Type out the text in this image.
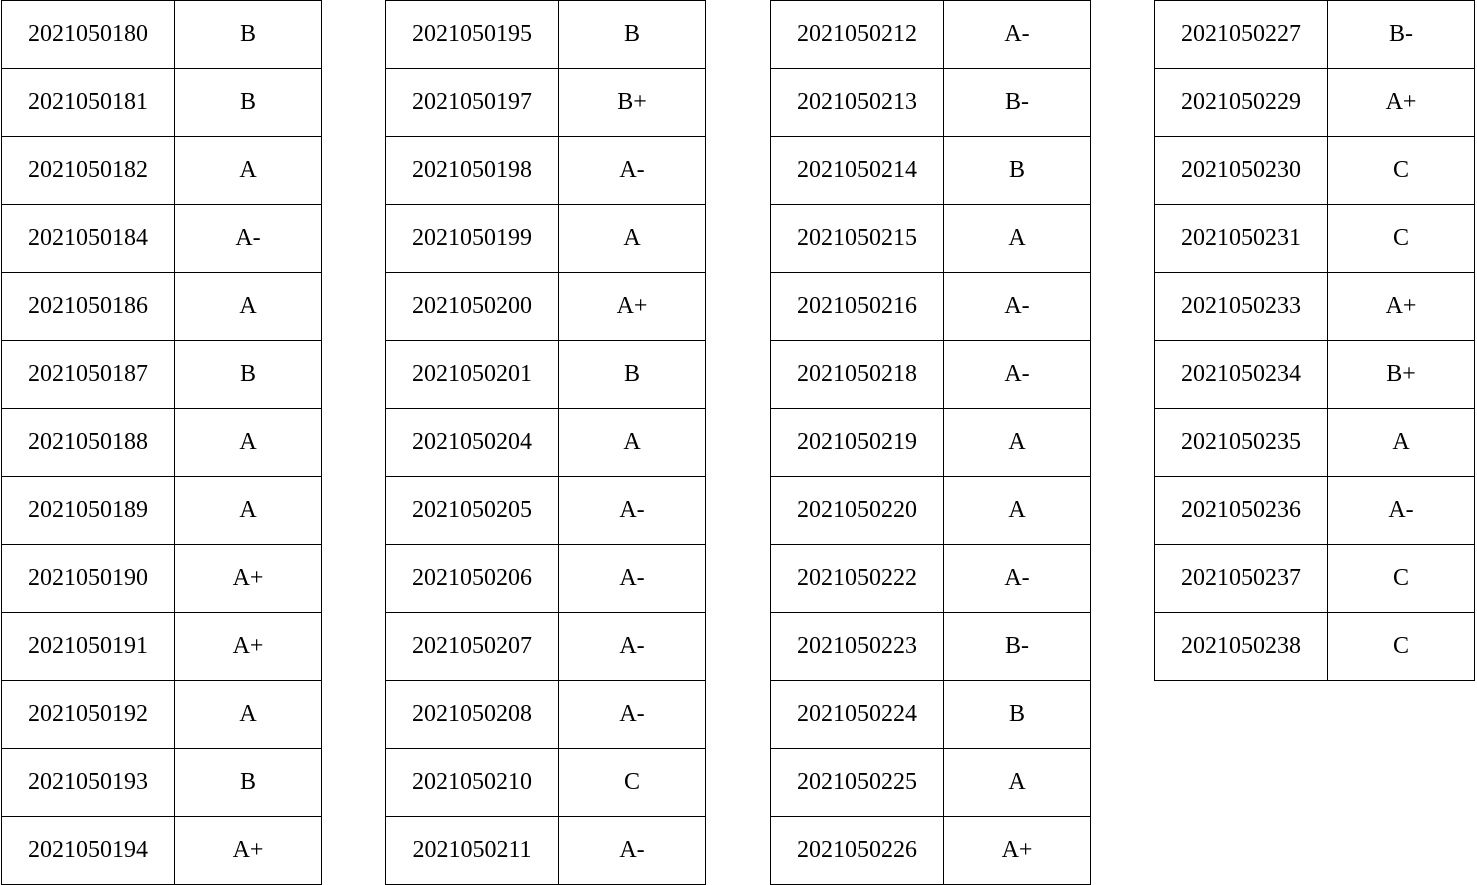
2021050180	B
2021050181	B
2021050182	A
2021050184	A-
2021050186	A
2021050187	B
2021050188	A
2021050189	A
2021050190	A+
2021050191	A+
2021050192	A
2021050193	B
2021050194	A+
2021050195	B
2021050197	B+
2021050198	A-
2021050199	A
2021050200	A+
2021050201	B
2021050204	A
2021050205	A-
2021050206	A-
2021050207	A-
2021050208	A-
2021050210	C
2021050211	A-
2021050212	A-
2021050213	B-
2021050214	B
2021050215	A
2021050216	A-
2021050218	A-
2021050219	A
2021050220	A
2021050222	A-
2021050223	B-
2021050224	B
2021050225	A
2021050226	A+
2021050227	B-
2021050229	A+
2021050230	C
2021050231	C
2021050233	A+
2021050234	B+
2021050235	A
2021050236	A-
2021050237	C
2021050238	C
